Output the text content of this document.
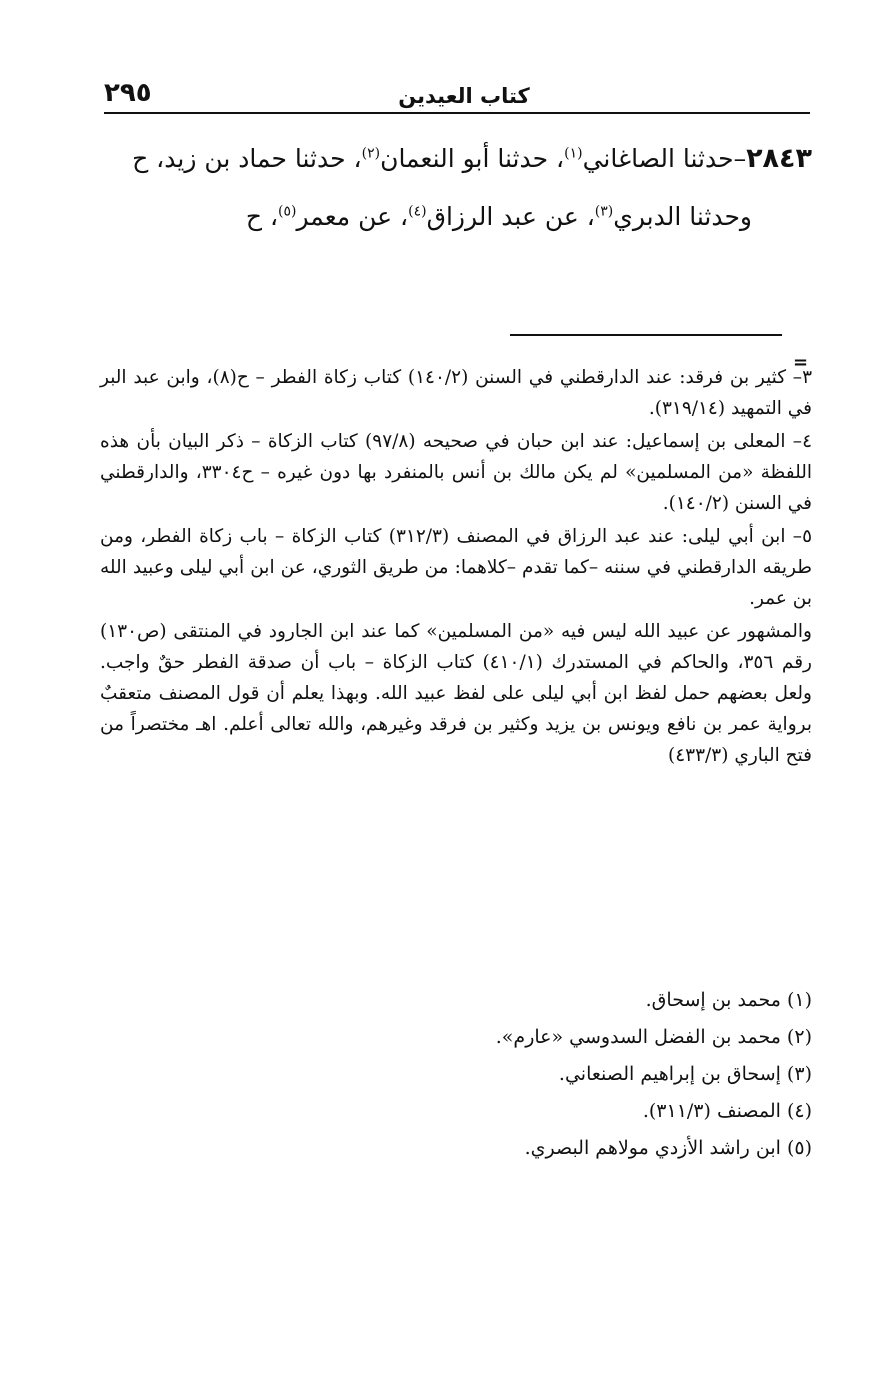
٢٩٥	كتاب العيدين

٢٨٤٣–حدثنا الصاغاني$^{(١)}$، حدثنا أبو النعمان$^{(٢)}$، حدثنا حماد بن زيد، ح

وحدثنا الدبري$^{(٣)}$، عن عبد الرزاق$^{(٤)}$، عن معمر$^{(٥)}$، ح

=

٣– كثير بن فرقد: عند الدارقطني في السنن (١٤٠/٢) كتاب زكاة الفطر – ح(٨)، وابن عبد البر في التمهيد (٣١٩/١٤).

٤– المعلى بن إسماعيل: عند ابن حبان في صحيحه (٩٧/٨) كتاب الزكاة – ذكر البيان بأن هذه اللفظة «من المسلمين» لم يكن مالك بن أنس بالمنفرد بها دون غيره – ح٣٣٠٤، والدارقطني في السنن (١٤٠/٢).

٥– ابن أبي ليلى: عند عبد الرزاق في المصنف (٣١٢/٣) كتاب الزكاة – باب زكاة الفطر، ومن طريقه الدارقطني في سننه –كما تقدم –كلاهما: من طريق الثوري، عن ابن أبي ليلى وعبيد الله بن عمر.

والمشهور عن عبيد الله ليس فيه «من المسلمين» كما عند ابن الجارود في المنتقى (ص١٣٠) رقم ٣٥٦، والحاكم في المستدرك (٤١٠/١) كتاب الزكاة – باب أن صدقة الفطر حقٌ واجب. ولعل بعضهم حمل لفظ ابن أبي ليلى على لفظ عبيد الله. وبهذا يعلم أن قول المصنف متعقبٌ برواية عمر بن نافع ويونس بن يزيد وكثير بن فرقد وغيرهم، والله تعالى أعلم. اهـ مختصراً من فتح الباري (٤٣٣/٣)

(١) محمد بن إسحاق.

(٢) محمد بن الفضل السدوسي «عارم».

(٣) إسحاق بن إبراهيم الصنعاني.

(٤) المصنف (٣١١/٣).

(٥) ابن راشد الأزدي مولاهم البصري.
